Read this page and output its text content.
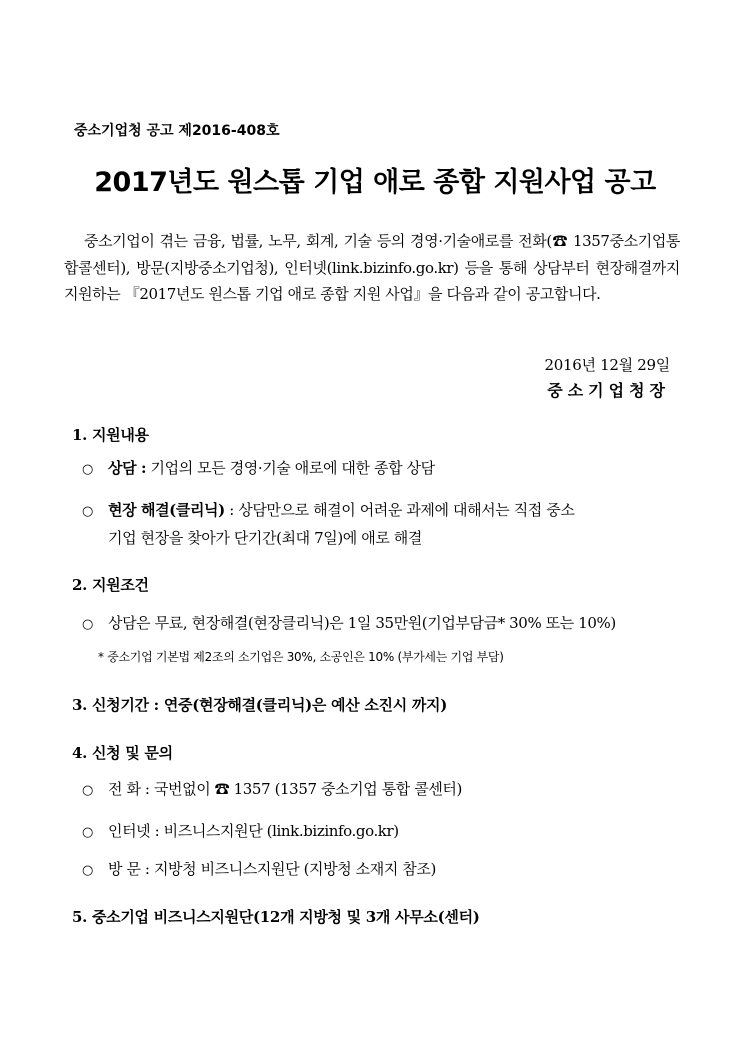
중소기업청 공고 제2016-408호
2017년도 원스톱 기업 애로 종합 지원사업 공고
중소기업이 겪는 금융, 법률, 노무, 회계, 기술 등의 경영·기술애로를 전화(☎ 1357중소기업통합콜센터), 방문(지방중소기업청), 인터넷(link.bizinfo.go.kr) 등을 통해 상담부터 현장해결까지 지원하는 『2017년도 원스톱 기업 애로 종합 지원 사업』을 다음과 같이 공고합니다.
2016년 12월 29일
중소기업청장
1. 지원내용
○ 상담 : 기업의 모든 경영·기술 애로에 대한 종합 상담
○ 현장 해결(클리닉) : 상담만으로 해결이 어려운 과제에 대해서는 직접 중소
기업 현장을 찾아가 단기간(최대 7일)에 애로 해결
2. 지원조건
○ 상담은 무료, 현장해결(현장클리닉)은 1일 35만원(기업부담금* 30% 또는 10%)
* 중소기업 기본법 제2조의 소기업은 30%, 소공인은 10% (부가세는 기업 부담)
3. 신청기간 : 연중(현장해결(클리닉)은 예산 소진시 까지)
4. 신청 및 문의
○ 전 화 : 국번없이 ☎ 1357 (1357 중소기업 통합 콜센터)
○ 인터넷 : 비즈니스지원단 (link.bizinfo.go.kr)
○ 방 문 : 지방청 비즈니스지원단 (지방청 소재지 참조)
5. 중소기업 비즈니스지원단(12개 지방청 및 3개 사무소(센터)
